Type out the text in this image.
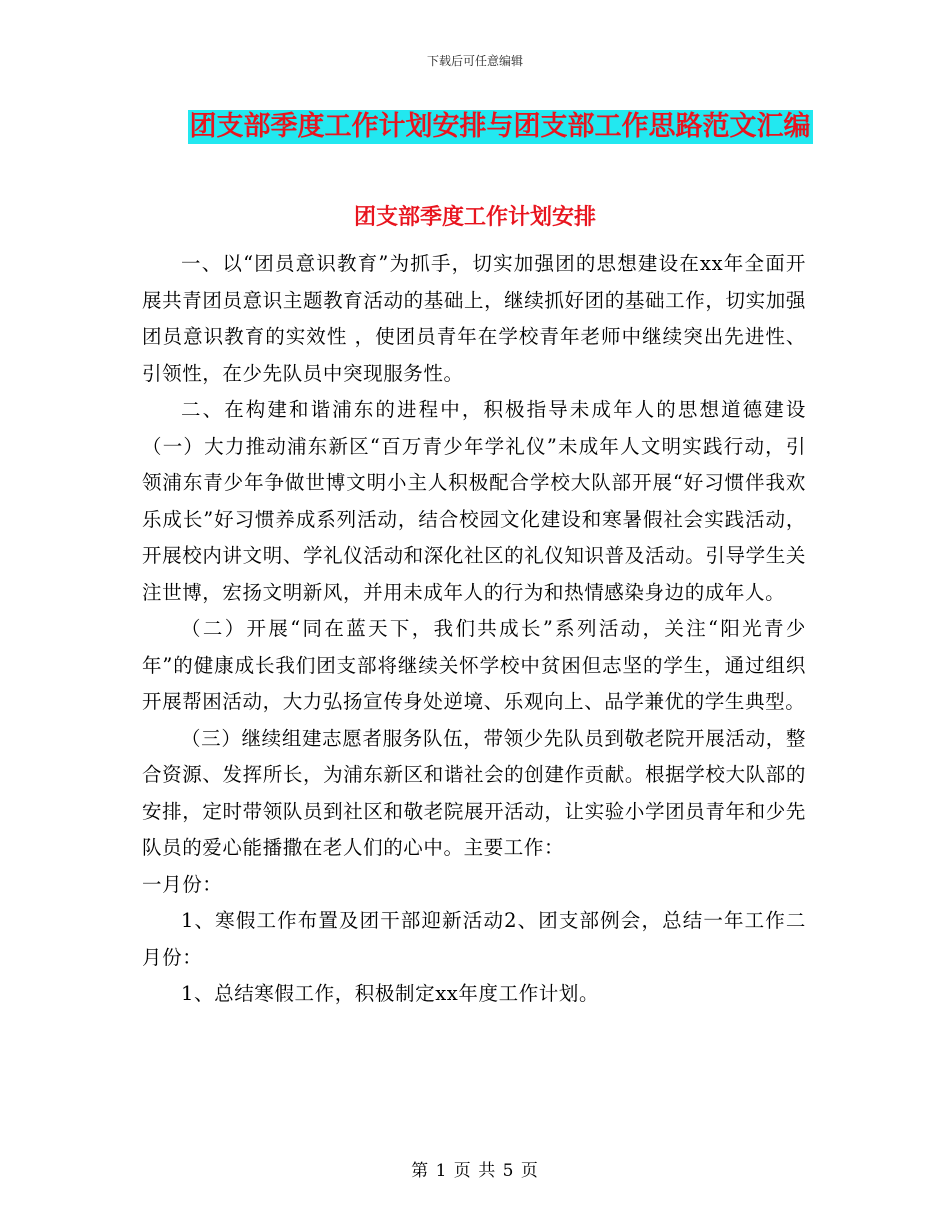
下载后可任意编辑
团支部季度工作计划安排与团支部工作思路范文汇编
团支部季度工作计划安排

一、以“团员意识教育”为抓手，切实加强团的思想建设在xx年全面开展共青团员意识主题教育活动的基础上，继续抓好团的基础工作，切实加强团员意识教育的实效性 ，使团员青年在学校青年老师中继续突出先进性、引领性，在少先队员中突现服务性。

二、在构建和谐浦东的进程中，积极指导未成年人的思想道德建设（一）大力推动浦东新区“百万青少年学礼仪”未成年人文明实践行动，引领浦东青少年争做世博文明小主人积极配合学校大队部开展“好习惯伴我欢乐成长”好习惯养成系列活动，结合校园文化建设和寒暑假社会实践活动，开展校内讲文明、学礼仪活动和深化社区的礼仪知识普及活动。引导学生关注世博，宏扬文明新风，并用未成年人的行为和热情感染身边的成年人。

（二）开展“同在蓝天下，我们共成长”系列活动，关注“阳光青少年”的健康成长我们团支部将继续关怀学校中贫困但志坚的学生，通过组织开展帮困活动，大力弘扬宣传身处逆境、乐观向上、品学兼优的学生典型。

（三）继续组建志愿者服务队伍，带领少先队员到敬老院开展活动，整合资源、发挥所长，为浦东新区和谐社会的创建作贡献。根据学校大队部的安排，定时带领队员到社区和敬老院展开活动，让实验小学团员青年和少先队员的爱心能播撒在老人们的心中。主要工作：

一月份：

1、寒假工作布置及团干部迎新活动2、团支部例会，总结一年工作二月份：

1、总结寒假工作，积极制定xx年度工作计划。

第 1 页 共 5 页
